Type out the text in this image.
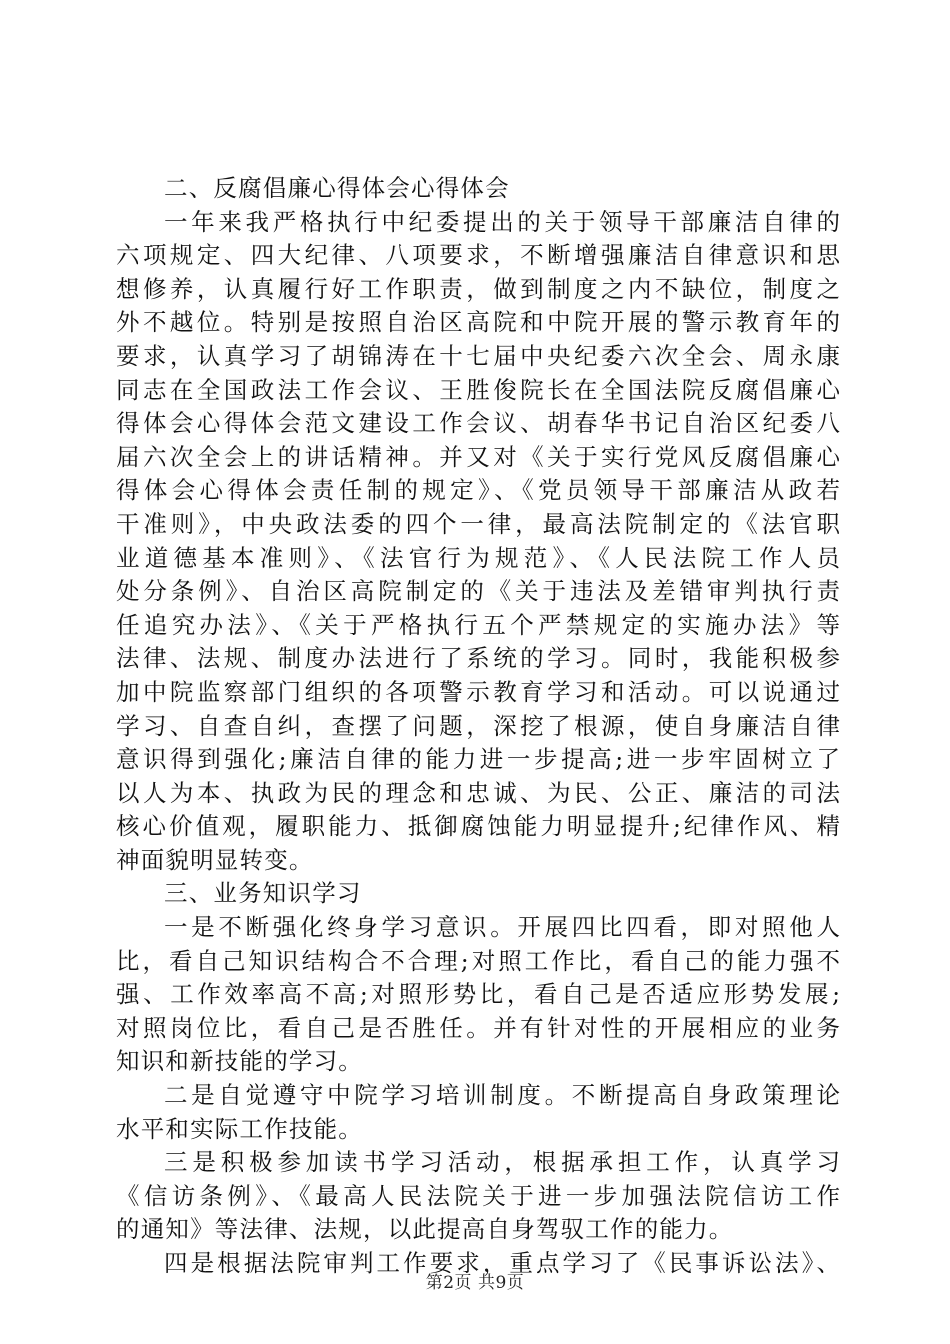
二、反腐倡廉心得体会心得体会
一年来我严格执行中纪委提出的关于领导干部廉洁自律的
六项规定、四大纪律、八项要求，不断增强廉洁自律意识和思
想修养，认真履行好工作职责，做到制度之内不缺位，制度之
外不越位。特别是按照自治区高院和中院开展的警示教育年的
要求，认真学习了胡锦涛在十七届中央纪委六次全会、周永康
同志在全国政法工作会议、王胜俊院长在全国法院反腐倡廉心
得体会心得体会范文建设工作会议、胡春华书记自治区纪委八
届六次全会上的讲话精神。并又对《关于实行党风反腐倡廉心
得体会心得体会责任制的规定》、《党员领导干部廉洁从政若
干准则》，中央政法委的四个一律，最高法院制定的《法官职
业道德基本准则》、《法官行为规范》、《人民法院工作人员
处分条例》、自治区高院制定的《关于违法及差错审判执行责
任追究办法》、《关于严格执行五个严禁规定的实施办法》等
法律、法规、制度办法进行了系统的学习。同时，我能积极参
加中院监察部门组织的各项警示教育学习和活动。可以说通过
学习、自查自纠，查摆了问题，深挖了根源，使自身廉洁自律
意识得到强化;廉洁自律的能力进一步提高;进一步牢固树立了
以人为本、执政为民的理念和忠诚、为民、公正、廉洁的司法
核心价值观，履职能力、抵御腐蚀能力明显提升;纪律作风、精
神面貌明显转变。
三、业务知识学习
一是不断强化终身学习意识。开展四比四看，即对照他人
比，看自己知识结构合不合理;对照工作比，看自己的能力强不
强、工作效率高不高;对照形势比，看自己是否适应形势发展;
对照岗位比，看自己是否胜任。并有针对性的开展相应的业务
知识和新技能的学习。
二是自觉遵守中院学习培训制度。不断提高自身政策理论
水平和实际工作技能。
三是积极参加读书学习活动，根据承担工作，认真学习
《信访条例》、《最高人民法院关于进一步加强法院信访工作
的通知》等法律、法规，以此提高自身驾驭工作的能力。
四是根据法院审判工作要求，重点学习了《民事诉讼法》、
第2页 共9页
